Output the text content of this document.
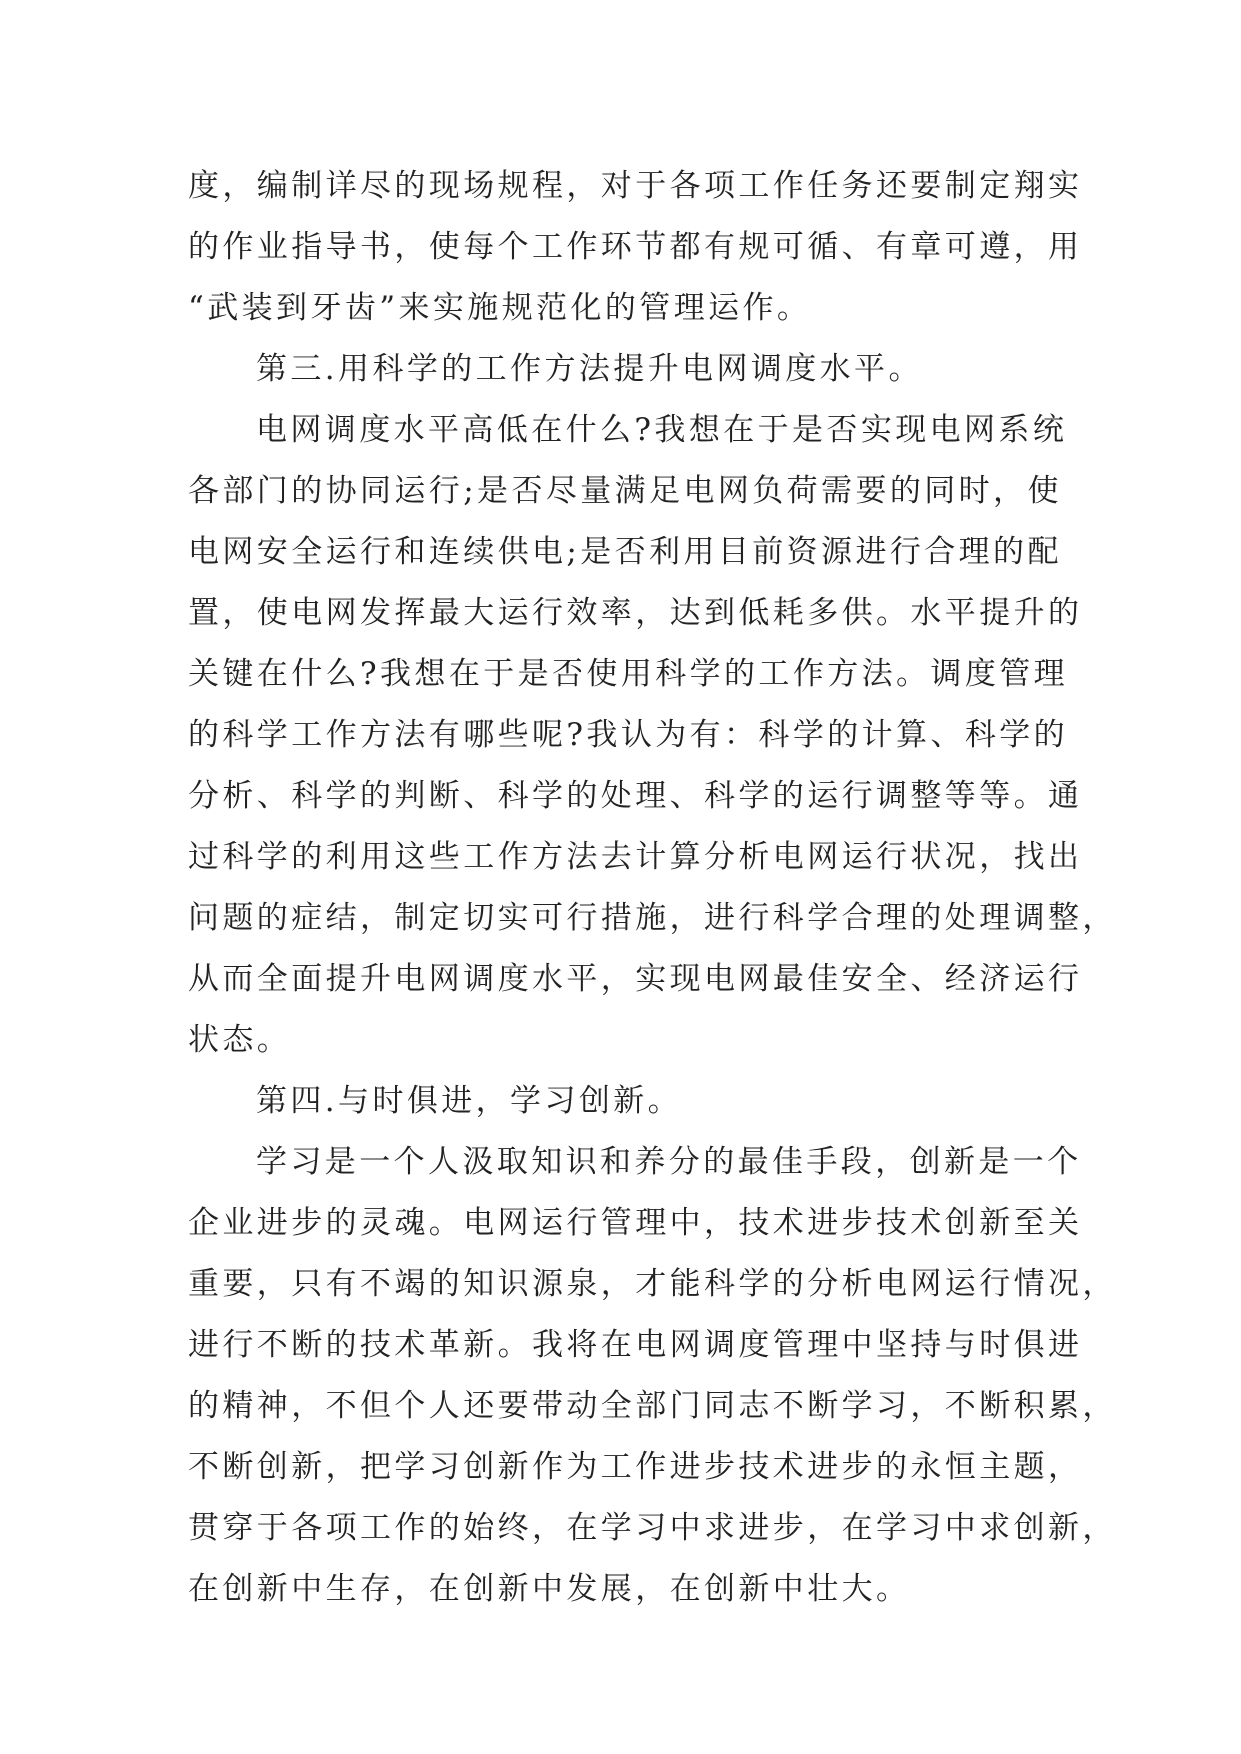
度，编制详尽的现场规程，对于各项工作任务还要制定翔实
的作业指导书，使每个工作环节都有规可循、有章可遵，用
“武装到牙齿”来实施规范化的管理运作。
第三.用科学的工作方法提升电网调度水平。
电网调度水平高低在什么?我想在于是否实现电网系统
各部门的协同运行;是否尽量满足电网负荷需要的同时，使
电网安全运行和连续供电;是否利用目前资源进行合理的配
置，使电网发挥最大运行效率，达到低耗多供。水平提升的
关键在什么?我想在于是否使用科学的工作方法。调度管理
的科学工作方法有哪些呢?我认为有：科学的计算、科学的
分析、科学的判断、科学的处理、科学的运行调整等等。通
过科学的利用这些工作方法去计算分析电网运行状况，找出
问题的症结，制定切实可行措施，进行科学合理的处理调整，
从而全面提升电网调度水平，实现电网最佳安全、经济运行
状态。
第四.与时俱进，学习创新。
学习是一个人汲取知识和养分的最佳手段，创新是一个
企业进步的灵魂。电网运行管理中，技术进步技术创新至关
重要，只有不竭的知识源泉，才能科学的分析电网运行情况，
进行不断的技术革新。我将在电网调度管理中坚持与时俱进
的精神，不但个人还要带动全部门同志不断学习，不断积累，
不断创新，把学习创新作为工作进步技术进步的永恒主题，
贯穿于各项工作的始终，在学习中求进步，在学习中求创新，
在创新中生存，在创新中发展，在创新中壮大。
